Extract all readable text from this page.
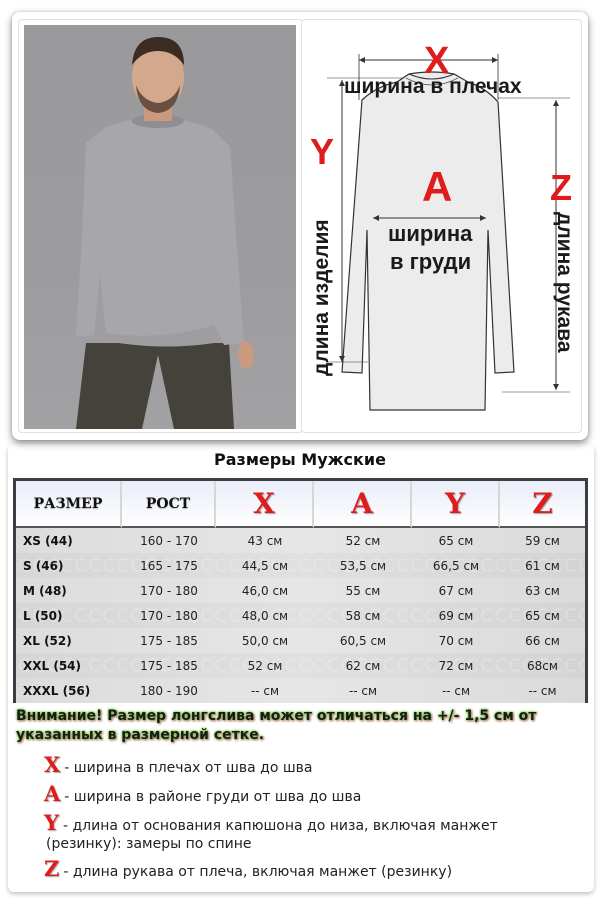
X
ширина в плечах
A
ширина
в груди
Y
длина изделия
Z
длина рукава
Размеры Мужские
РАЗМЕР	РОСТ	X	A	Y	Z
XS (44)	160 - 170	43 см	52 см	65 см	59 см
S (46)	165 - 175	44,5 см	53,5 см	66,5 см	61 см
M (48)	170 - 180	46,0 см	55 см	67 см	63 см
L (50)	170 - 180	48,0 см	58 см	69 см	65 см
XL (52)	175 - 185	50,0 см	60,5 см	70 см	66 см
XXL (54)	175 - 185	52 см	62 см	72 см	68см
XXXL (56)	180 - 190	-- см	-- см	-- см	-- см
Внимание! Размер лонгслива может отличаться на +/- 1,5 см от указанных в размерной сетке.
X - ширина в плечах от шва до шва
A - ширина в районе груди от шва до шва
Y - длина от основания капюшона до низа, включая манжет
(резинку): замеры по спине
Z - длина рукава от плеча, включая манжет (резинку)
